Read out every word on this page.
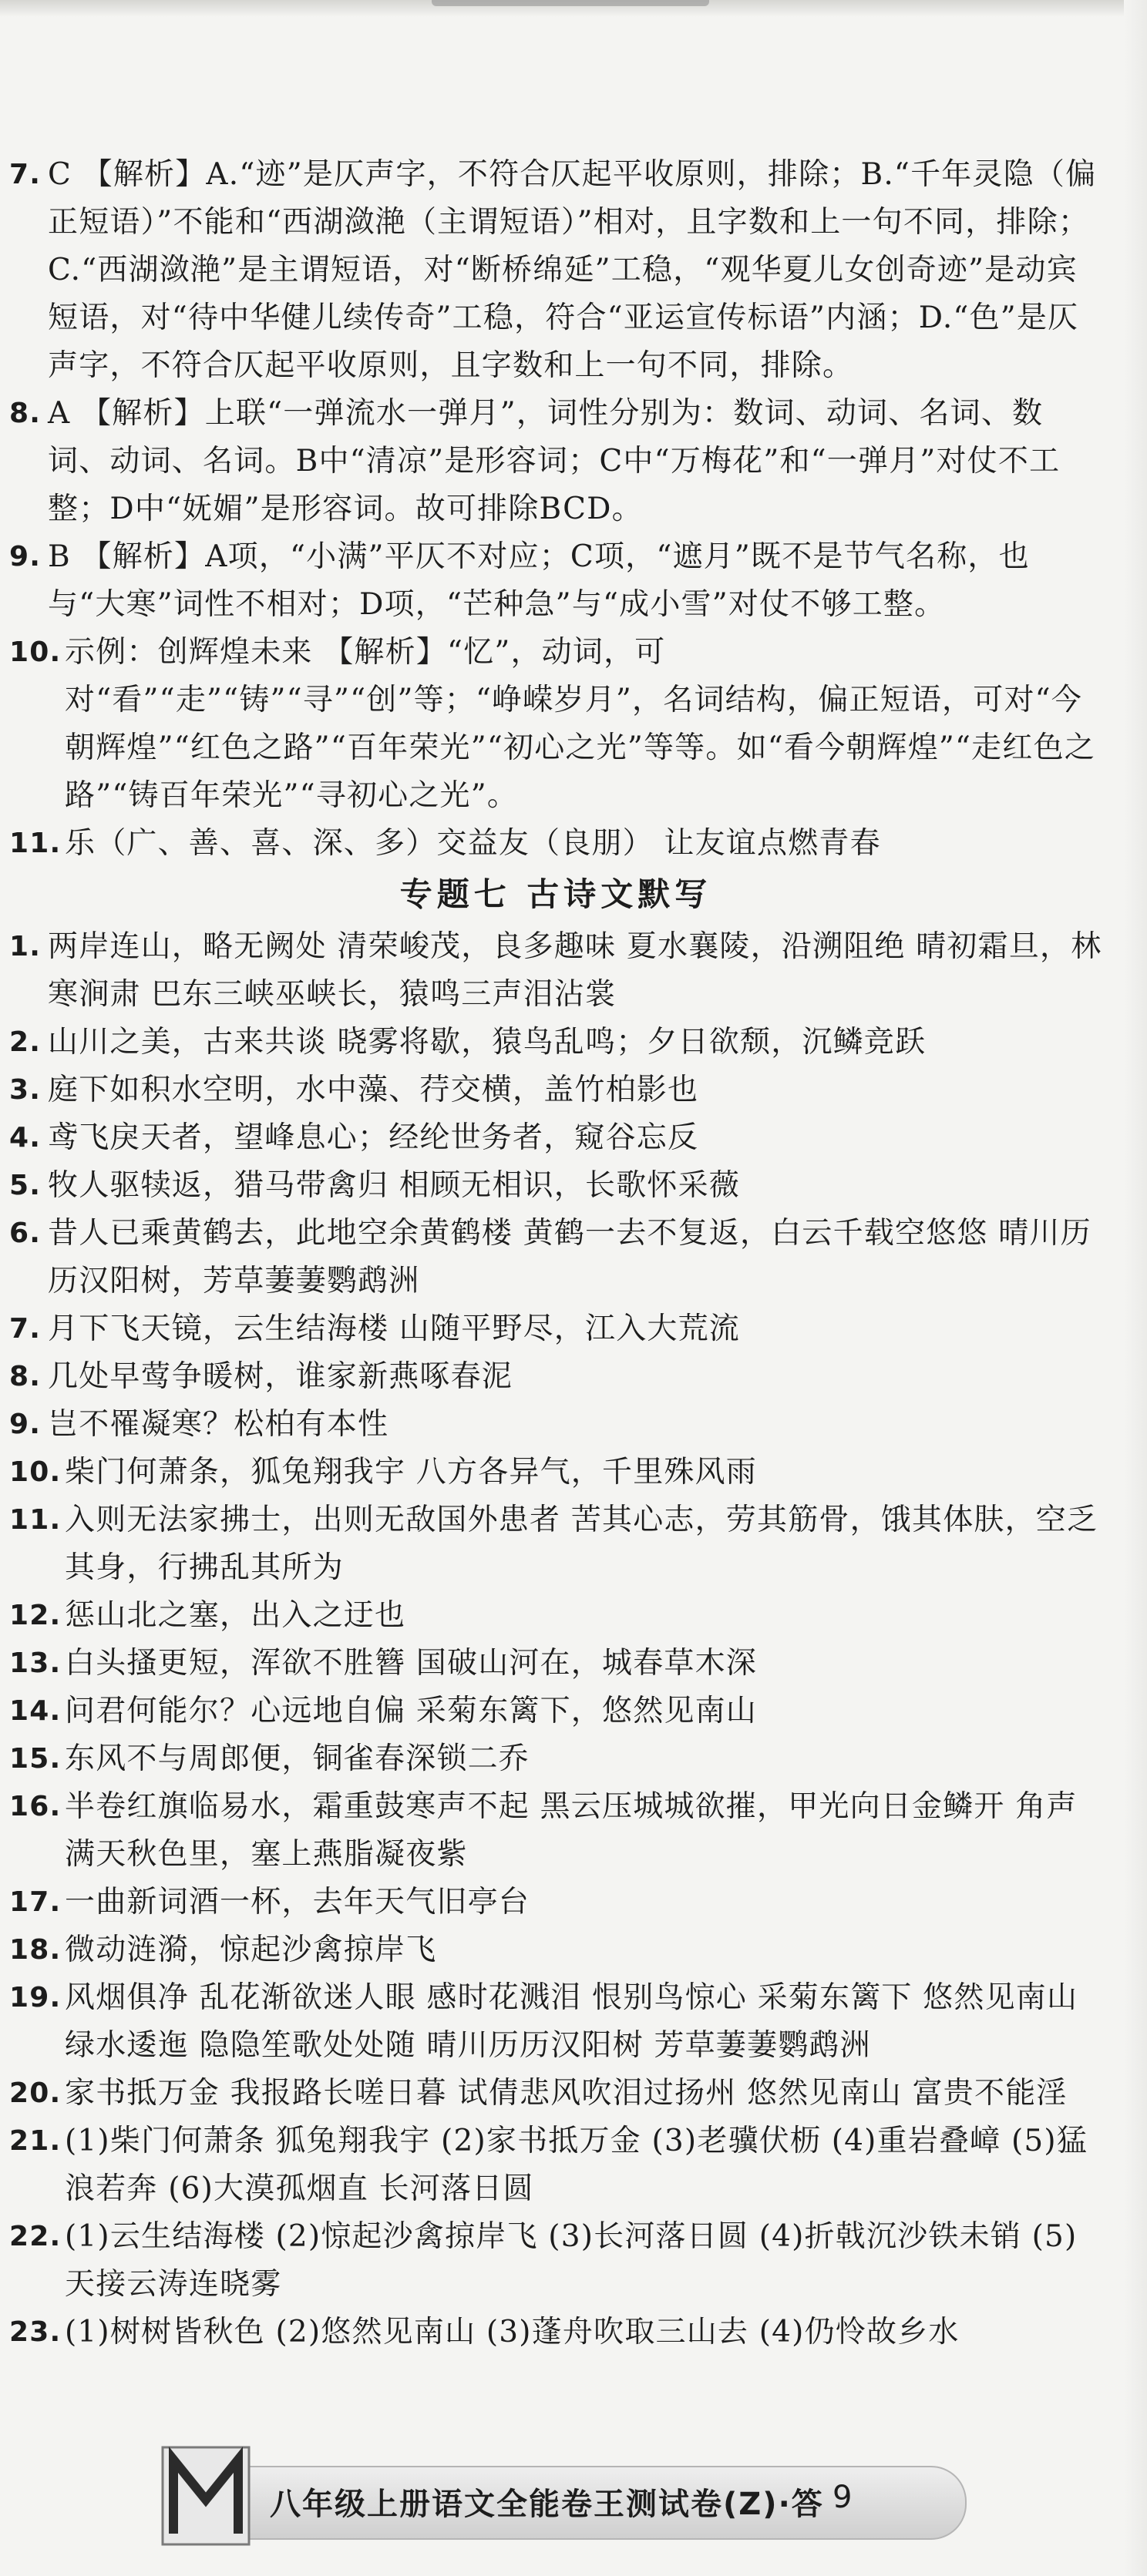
7. C 【解析】A.“迹”是仄声字，不符合仄起平收原则，排除；B.“千年灵隐（偏正短语）”不能和“西湖潋滟（主谓短语）”相对，且字数和上一句不同，排除；C.“西湖潋滟”是主谓短语，对“断桥绵延”工稳，“观华夏儿女创奇迹”是动宾短语，对“待中华健儿续传奇”工稳，符合“亚运宣传标语”内涵；D.“色”是仄声字，不符合仄起平收原则，且字数和上一句不同，排除。
8. A 【解析】上联“一弹流水一弹月”，词性分别为：数词、动词、名词、数词、动词、名词。B中“清凉”是形容词；C中“万梅花”和“一弹月”对仗不工整；D中“妩媚”是形容词。故可排除BCD。
9. B 【解析】A项，“小满”平仄不对应；C项，“遮月”既不是节气名称，也与“大寒”词性不相对；D项，“芒种急”与“成小雪”对仗不够工整。
10. 示例：创辉煌未来 【解析】“忆”，动词，可对“看”“走”“铸”“寻”“创”等；“峥嵘岁月”，名词结构，偏正短语，可对“今朝辉煌”“红色之路”“百年荣光”“初心之光”等等。如“看今朝辉煌”“走红色之路”“铸百年荣光”“寻初心之光”。
11. 乐（广、善、喜、深、多）交益友（良朋） 让友谊点燃青春
专题七 古诗文默写
1. 两岸连山，略无阙处 清荣峻茂，良多趣味 夏水襄陵，沿溯阻绝 晴初霜旦，林寒涧肃 巴东三峡巫峡长，猿鸣三声泪沾裳
2. 山川之美，古来共谈 晓雾将歇，猿鸟乱鸣；夕日欲颓，沉鳞竞跃
3. 庭下如积水空明，水中藻、荇交横，盖竹柏影也
4. 鸢飞戾天者，望峰息心；经纶世务者，窥谷忘反
5. 牧人驱犊返，猎马带禽归 相顾无相识，长歌怀采薇
6. 昔人已乘黄鹤去，此地空余黄鹤楼 黄鹤一去不复返，白云千载空悠悠 晴川历历汉阳树，芳草萋萋鹦鹉洲
7. 月下飞天镜，云生结海楼 山随平野尽，江入大荒流
8. 几处早莺争暖树，谁家新燕啄春泥
9. 岂不罹凝寒？松柏有本性
10. 柴门何萧条，狐兔翔我宇 八方各异气，千里殊风雨
11. 入则无法家拂士，出则无敌国外患者 苦其心志，劳其筋骨，饿其体肤，空乏其身，行拂乱其所为
12. 惩山北之塞，出入之迂也
13. 白头搔更短，浑欲不胜簪 国破山河在，城春草木深
14. 问君何能尔？心远地自偏 采菊东篱下，悠然见南山
15. 东风不与周郎便，铜雀春深锁二乔
16. 半卷红旗临易水，霜重鼓寒声不起 黑云压城城欲摧，甲光向日金鳞开 角声满天秋色里，塞上燕脂凝夜紫
17. 一曲新词酒一杯，去年天气旧亭台
18. 微动涟漪，惊起沙禽掠岸飞
19. 风烟俱净 乱花渐欲迷人眼 感时花溅泪 恨别鸟惊心 采菊东篱下 悠然见南山 绿水逶迤 隐隐笙歌处处随 晴川历历汉阳树 芳草萋萋鹦鹉洲
20. 家书抵万金 我报路长嗟日暮 试倩悲风吹泪过扬州 悠然见南山 富贵不能淫
21. (1)柴门何萧条 狐兔翔我宇 (2)家书抵万金 (3)老骥伏枥 (4)重岩叠嶂 (5)猛浪若奔 (6)大漠孤烟直 长河落日圆
22. (1)云生结海楼 (2)惊起沙禽掠岸飞 (3)长河落日圆 (4)折戟沉沙铁未销 (5)天接云涛连晓雾
23. (1)树树皆秋色 (2)悠然见南山 (3)蓬舟吹取三山去 (4)仍怜故乡水
八年级上册语文全能卷王测试卷(Z)·答 9
